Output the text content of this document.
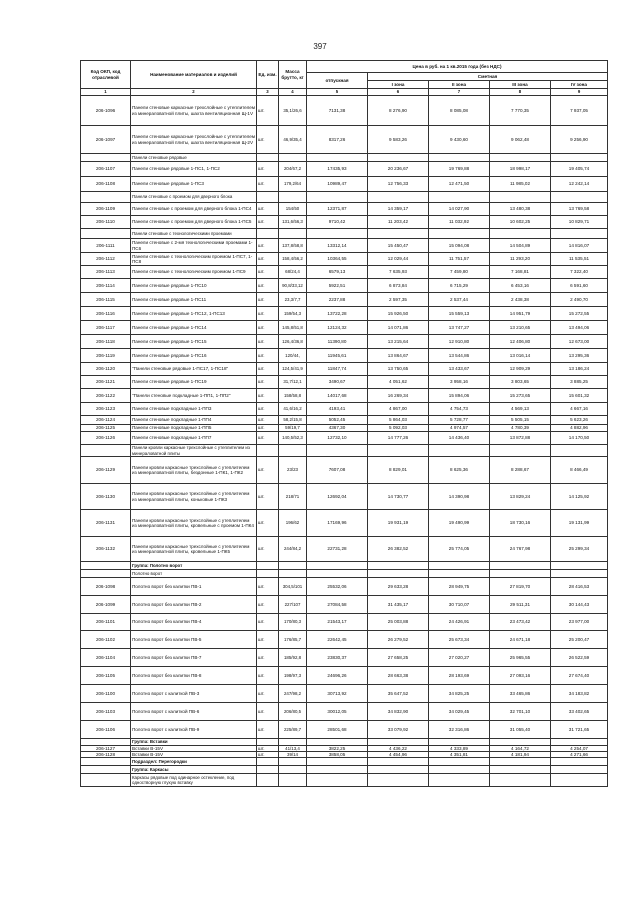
397
Код ОКП, код отраслевой	Наименование материалов и изделий	Ед. изм.	Масса брутто, кг	Цена в руб. на 1 кв.2015 года (без НДС)				
				отпускная	Сметная			
					I зона	II зона	III зона	IV зона
1	2	3	4	5	6	7	8	9
206-1096	Панели стеновые каркасные трехслойные с утеплителем из минераловатной плиты, шахта вентиляционная Щ-1V	шт.	35,1/26,6	7131,38	8 276,90	8 085,08	7 770,35	7 937,05
206-1097	Панели стеновые каркасные трехслойные с утеплителем из минераловатной плиты, шахта вентиляционная Щ-2V	шт.	46,9/35,4	8317,26	9 583,26	9 430,60	9 062,48	9 256,90
	Панели стеновые рядовые							
206-1107	Панели стеновые рядовые 1-ПС1, 1-ПС2	шт.	204/67,2	17435,93	20 236,67	19 769,88	18 998,17	19 405,74
206-1108	Панели стеновые рядовые 1-ПС3	шт.	179,2/64	10989,47	12 756,33	12 471,50	11 985,02	12 242,14
	Панели стеновые с проемом для дверного блока							
206-1109	Панели стеновые с проемом для дверного блока 1-ПС4	шт.	154/50	12371,87	14 359,17	14 027,90	13 480,38	13 769,58
206-1110	Панели стеновые с проемом для дверного блока 1-ПС5	шт.	131,6/56,3	9710,42	11 203,42	11 032,92	10 602,25	10 829,71
	Панели стеновые с технологическими проемами							
206-1111	Панели стеновые с 2-мя технологическими проемами 1-ПС6	шт.	137,8/58,8	13312,14	15 450,47	15 094,08	14 504,89	14 816,07
206-1112	Панели стеновые с технологическим проемом 1-ПС7, 1-ПС8	шт.	158,4/56,2	10364,55	12 029,44	11 751,57	11 293,20	11 535,51
206-1113	Панели стеновые с технологическим проемом 1-ПС9	шт.	68/24,4	6579,13	7 635,93	7 459,80	7 168,81	7 322,40
206-1114	Панели стеновые рядовые 1-ПС10	шт.	90,8/33,12	5922,51	6 873,84	6 715,29	6 453,16	6 591,60
206-1115	Панели стеновые рядовые 1-ПС11	шт.	23,3/7,7	2237,88	2 597,35	2 537,44	2 438,38	2 490,70
206-1116	Панели стеновые рядовые 1-ПС12, 1-ПС13	шт.	159/54,3	13722,28	15 926,50	15 559,13	14 951,79	15 272,55
206-1117	Панели стеновые рядовые 1-ПС14	шт.	145,8/51,8	12124,32	14 071,86	13 747,27	13 210,65	13 494,06
206-1118	Панели стеновые рядовые 1-ПС15	шт.	126,4/36,8	11390,80	13 215,64	12 910,80	12 406,80	12 673,00
206-1119	Панели стеновые рядовые 1-ПС16	шт.	120/44,	11945,61	13 864,67	13 544,86	13 016,14	13 295,36
206-1120	"Панели стеновые рядовые 1-ПС17, 1-ПС18"	шт.	124,5/41,9	11847,74	13 750,65	13 433,67	12 909,29	13 186,24
206-1121	Панели стеновые рядовые 1-ПС19	шт.	31,7/12,1	3490,67	4 051,62	3 958,16	3 803,65	3 885,25
206-1122	"Панели стеновые подкладные 1-ПП1, 1-ПП2"	шт.	158/58,8	14017,68	16 269,34	15 894,06	15 273,65	15 601,32
206-1123	Панели стеновые подкладные 1-ПП3	шт.	41,6/16,2	4193,41	4 867,00	4 754,73	4 569,13	4 667,16
206-1124	Панели стеновые подкладные 1-ПП4	шт.	58,2/15,8	5052,45	5 864,03	5 728,77	5 505,15	5 623,26
206-1125	Панели стеновые подкладные 1-ПП5	шт.	59/19,7	4367,30	5 092,03	4 974,57	4 780,39	4 882,96
206-1126	Панели стеновые подкладные 1-ПП7	шт.	140,5/52,3	12732,10	14 777,26	14 436,40	13 872,88	14 170,50
	Панели кровли каркасные трехслойные с утеплителем из минераловатной плиты							
206-1129	Панели кровли каркасные трехслойные с утеплителем из минераловатной плиты, бездонные 1-ПК1, 1-ПК2	шт.	23/23	7607,08	8 829,01	8 625,36	8 288,67	8 466,49
206-1130	Панели кровли каркасные трехслойные с утеплителем из минераловатной плиты, коньковые 1-ПК3	шт.	218/71	12692,04	14 730,77	14 390,98	13 829,24	14 125,92
206-1131	Панели кровли каркасные трехслойные с утеплителем из минераловатной плиты, кровельные с проемом 1-ПК4	шт.	196/62	17169,96	19 931,19	19 490,99	18 730,16	19 131,99
206-1132	Панели кровли каркасные трехслойные с утеплителем из минераловатной плиты, кровельные 1-ПК5	шт.	244/84,2	22731,28	26 382,52	25 774,05	24 767,98	25 299,34
	Группа: Полотно ворот							
	Полотно ворот							
206-1098	Полотно ворот без калитки ПВ-1	шт.	304,5/101	25532,06	29 633,28	28 949,75	27 819,70	28 416,53
206-1099	Полотно ворот без калитки ПВ-2	шт.	227/107	27084,58	31 435,17	30 710,07	29 511,31	30 144,43
206-1101	Полотно ворот без калитки ПВ-4	шт.	170/80,3	21543,17	25 003,88	24 426,91	23 473,42	23 977,00
206-1102	Полотно ворот без калитки ПВ-5	шт.	176/85,7	22642,45	26 279,52	25 673,34	24 671,18	25 200,47
206-1104	Полотно ворот без калитки ПВ-7	шт.	185/92,8	23830,37	27 658,25	27 020,27	25 965,55	26 522,59
206-1105	Полотно ворот без калитки ПВ-8	шт.	198/97,3	24696,26	28 663,38	28 193,69	27 093,16	27 674,40
206-1100	Полотно ворот с калиткой ПВ-3	шт.	247/98,2	30713,92	35 647,52	34 825,25	33 465,86	34 183,82
206-1103	Полотно ворот с калиткой ПВ-6	шт.	206/80,5	30012,05	34 832,90	34 029,45	32 701,10	33 402,65
206-1106	Полотно ворот с калиткой ПВ-9	шт.	225/89,7	28501,68	33 079,92	32 316,86	31 055,40	31 721,65
	Группа: Вставки							
206-1127	Вставки В-15V	шт.	41/13,4	3822,25	4 436,22	4 333,89	4 164,72	4 254,07
206-1128	Вставки В-15V	шт.	39/14	3858,05	4 454,96	4 351,81	4 181,94	4 271,66
	Подраздел: Перегородки							
	Группа: Каркасы							
	Каркасы рядовые под одинарное остекление, под одностворную глухую вставку							
